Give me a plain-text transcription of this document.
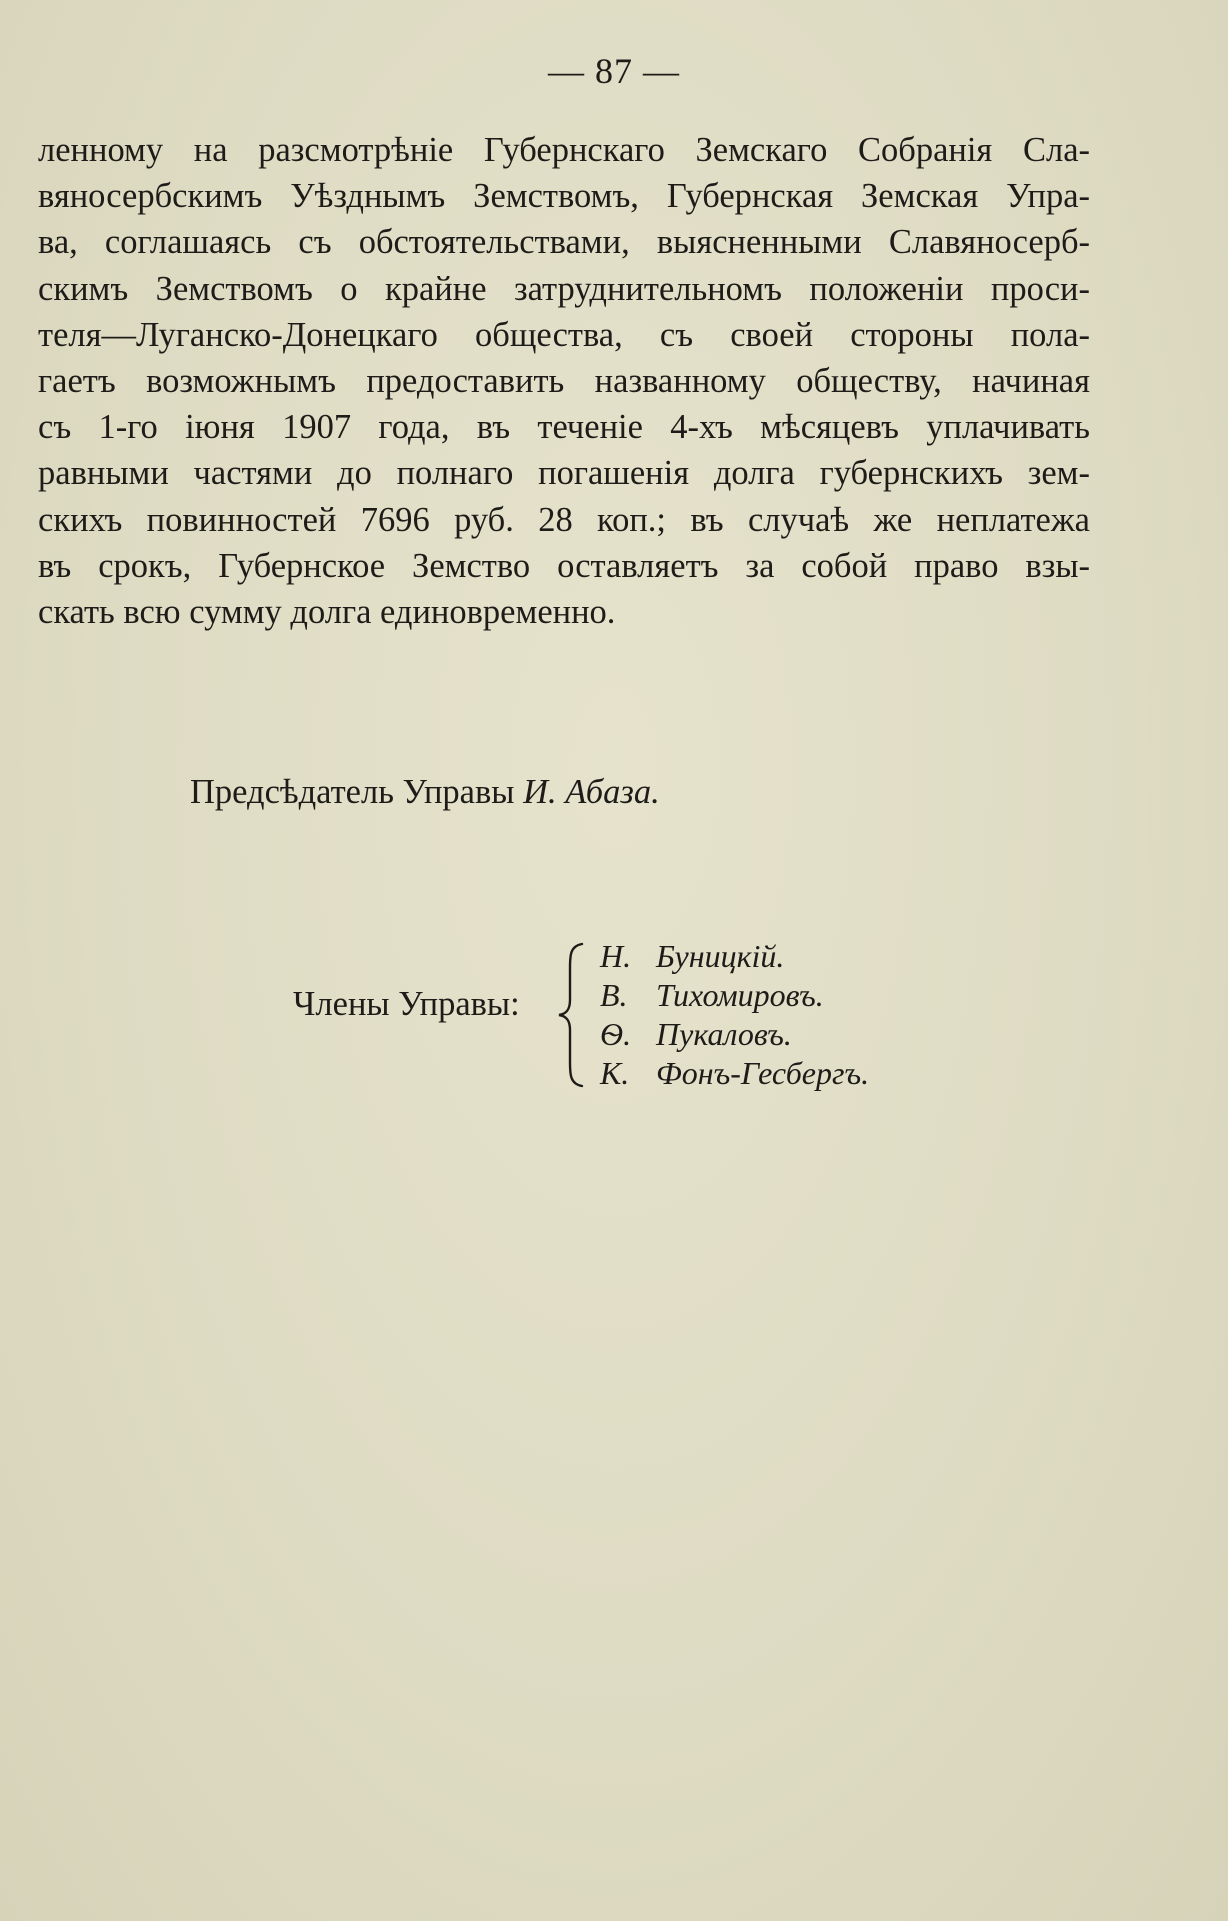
— 87 —
ленному на разсмотрѣніе Губернскаго Земскаго Собранія Сла-
вяносербскимъ Уѣзднымъ Земствомъ, Губернская Земская Упра-
ва, соглашаясь съ обстоятельствами, выясненными Славяносерб-
скимъ Земствомъ о крайне затруднительномъ положеніи проси-
теля—Луганско-Донецкаго общества, съ своей стороны пола-
гаетъ возможнымъ предоставить названному обществу, начиная
съ 1-го іюня 1907 года, въ теченіе 4-хъ мѣсяцевъ уплачивать
равными частями до полнаго погашенія долга губернскихъ зем-
скихъ повинностей 7696 руб. 28 коп.; въ случаѣ же неплатежа
въ срокъ, Губернское Земство оставляетъ за собой право взы-
скать всю сумму долга единовременно.
Предсѣдатель Управы И. Абаза.
Члены Управы:
Н. Буницкій.
В. Тихомировъ.
Ѳ. Пукаловъ.
К. Фонъ-Гесбергъ.
